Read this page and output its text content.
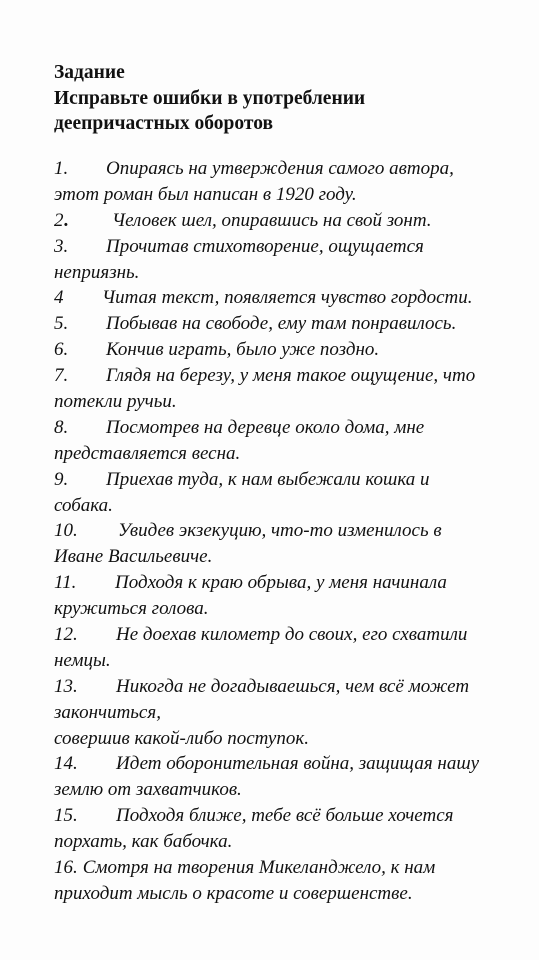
Задание
Исправьте ошибки в употреблении
деепричастных оборотов
1. Опираясь на утверждения самого автора,
этот роман был написан в 1920 году.
2. Человек шел, опиравшись на свой зонт.
3. Прочитав стихотворение, ощущается
неприязнь.
4 Читая текст, появляется чувство гордости.
5. Побывав на свободе, ему там понравилось.
6. Кончив играть, было уже поздно.
7. Глядя на березу, у меня такое ощущение, что
потекли ручьи.
8. Посмотрев на деревце около дома, мне
представляется весна.
9. Приехав туда, к нам выбежали кошка и
собака.
10. Увидев экзекуцию, что-то изменилось в
Иване Васильевиче.
11. Подходя к краю обрыва, у меня начинала
кружиться голова.
12. Не доехав километр до своих, его схватили
немцы.
13. Никогда не догадываешься, чем всё может
закончиться,
совершив какой-либо поступок.
14. Идет оборонительная война, защищая нашу
землю от захватчиков.
15. Подходя ближе, тебе всё больше хочется
порхать, как бабочка.
16. Смотря на творения Микеланджело, к нам
приходит мысль о красоте и совершенстве.
